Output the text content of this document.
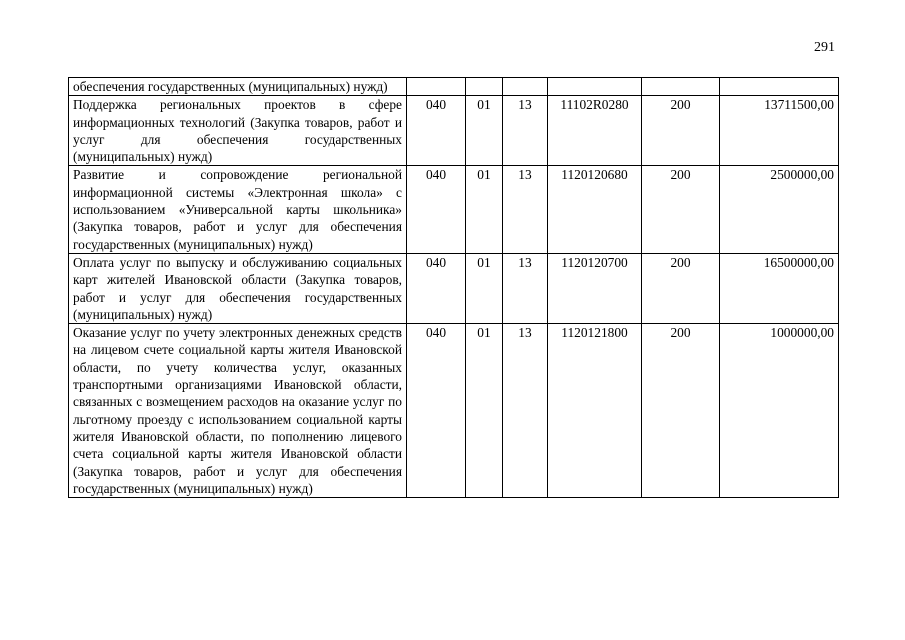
291
обеспечения государственных (муниципальных) нужд)						
Поддержка региональных проектов в сфере информационных технологий (Закупка товаров, работ и услуг для обеспечения государственных (муниципальных) нужд)	040	01	13	11102R0280	200	13711500,00
Развитие и сопровождение региональной информационной системы «Электронная школа» с использованием «Универсальной карты школьника» (Закупка товаров, работ и услуг для обеспечения государственных (муниципальных) нужд)	040	01	13	1120120680	200	2500000,00
Оплата услуг по выпуску и обслуживанию социальных карт жителей Ивановской области (Закупка товаров, работ и услуг для обеспечения государственных (муниципальных) нужд)	040	01	13	1120120700	200	16500000,00
Оказание услуг по учету электронных денежных средств на лицевом счете социальной карты жителя Ивановской области, по учету количества услуг, оказанных транспортными организациями Ивановской области, связанных с возмещением расходов на оказание услуг по льготному проезду с использованием социальной карты жителя Ивановской области, по пополнению лицевого счета социальной карты жителя Ивановской области (Закупка товаров, работ и услуг для обеспечения государственных (муниципальных) нужд)	040	01	13	1120121800	200	1000000,00
